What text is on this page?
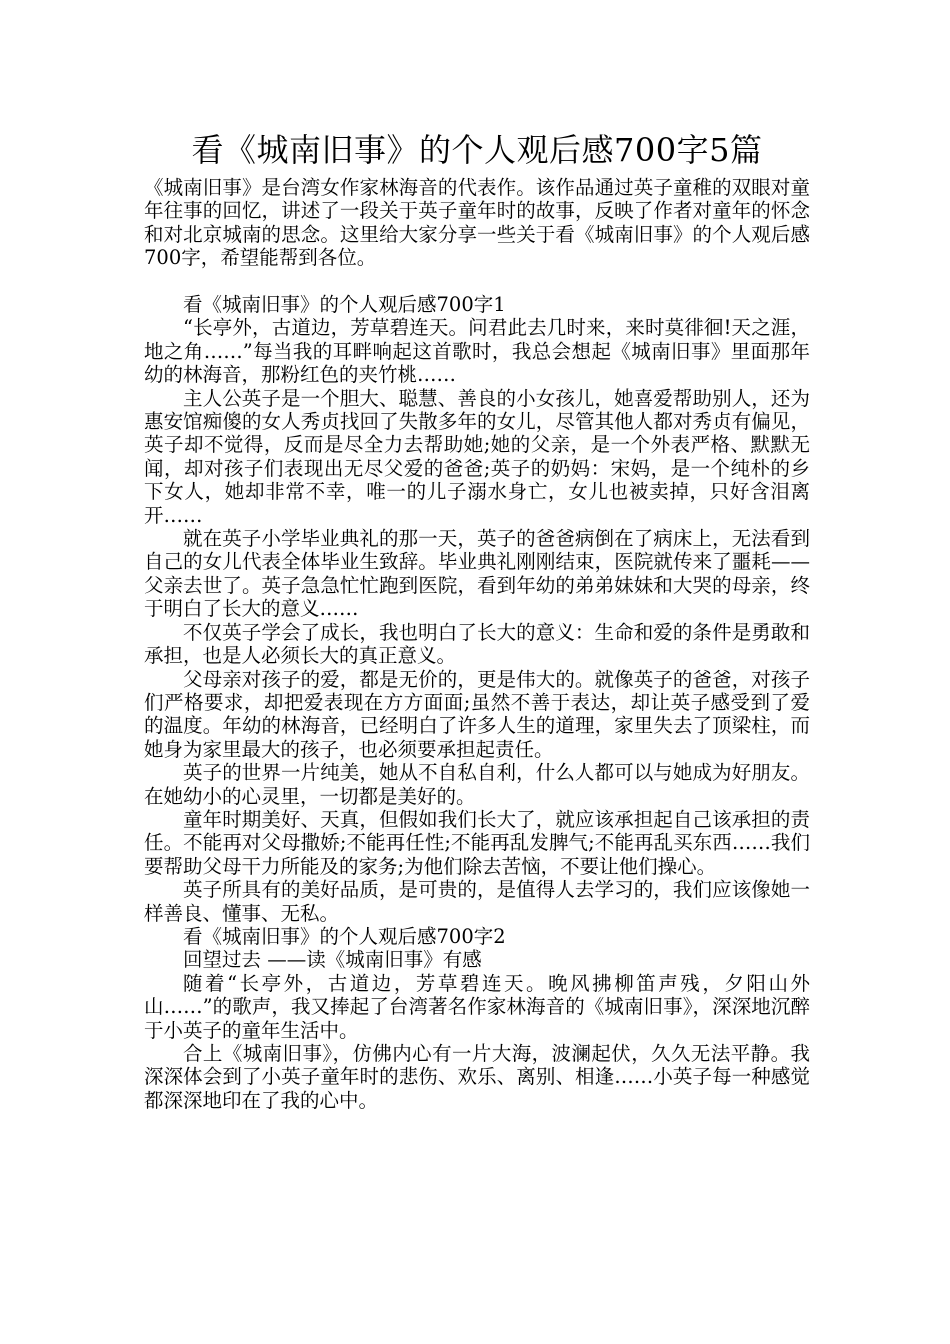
看《城南旧事》的个人观后感700字5篇

《城南旧事》是台湾女作家林海音的代表作。该作品通过英子童稚的双眼对童年往事的回忆，讲述了一段关于英子童年时的故事，反映了作者对童年的怀念和对北京城南的思念。这里给大家分享一些关于看《城南旧事》的个人观后感700字，希望能帮到各位。

看《城南旧事》的个人观后感700字1

“长亭外，古道边，芳草碧连天。问君此去几时来，来时莫徘徊!天之涯，地之角……”每当我的耳畔响起这首歌时，我总会想起《城南旧事》里面那年幼的林海音，那粉红色的夹竹桃……

主人公英子是一个胆大、聪慧、善良的小女孩儿，她喜爱帮助别人，还为惠安馆痴傻的女人秀贞找回了失散多年的女儿，尽管其他人都对秀贞有偏见，英子却不觉得，反而是尽全力去帮助她;她的父亲，是一个外表严格、默默无闻，却对孩子们表现出无尽父爱的爸爸;英子的奶妈：宋妈，是一个纯朴的乡下女人，她却非常不幸，唯一的儿子溺水身亡，女儿也被卖掉，只好含泪离开……

就在英子小学毕业典礼的那一天，英子的爸爸病倒在了病床上，无法看到自己的女儿代表全体毕业生致辞。毕业典礼刚刚结束，医院就传来了噩耗——父亲去世了。英子急急忙忙跑到医院，看到年幼的弟弟妹妹和大哭的母亲，终于明白了长大的意义……

不仅英子学会了成长，我也明白了长大的意义：生命和爱的条件是勇敢和承担，也是人必须长大的真正意义。

父母亲对孩子的爱，都是无价的，更是伟大的。就像英子的爸爸，对孩子们严格要求，却把爱表现在方方面面;虽然不善于表达，却让英子感受到了爱的温度。年幼的林海音，已经明白了许多人生的道理，家里失去了顶梁柱，而她身为家里最大的孩子，也必须要承担起责任。

英子的世界一片纯美，她从不自私自利，什么人都可以与她成为好朋友。在她幼小的心灵里，一切都是美好的。

童年时期美好、天真，但假如我们长大了，就应该承担起自己该承担的责任。不能再对父母撒娇;不能再任性;不能再乱发脾气;不能再乱买东西……我们要帮助父母干力所能及的家务;为他们除去苦恼，不要让他们操心。

英子所具有的美好品质，是可贵的，是值得人去学习的，我们应该像她一样善良、懂事、无私。

看《城南旧事》的个人观后感700字2

回望过去 ——读《城南旧事》有感

随着“长亭外，古道边，芳草碧连天。晚风拂柳笛声残，夕阳山外山……”的歌声，我又捧起了台湾著名作家林海音的《城南旧事》，深深地沉醉于小英子的童年生活中。

合上《城南旧事》，仿佛内心有一片大海，波澜起伏，久久无法平静。我深深体会到了小英子童年时的悲伤、欢乐、离别、相逢……小英子每一种感觉都深深地印在了我的心中。
